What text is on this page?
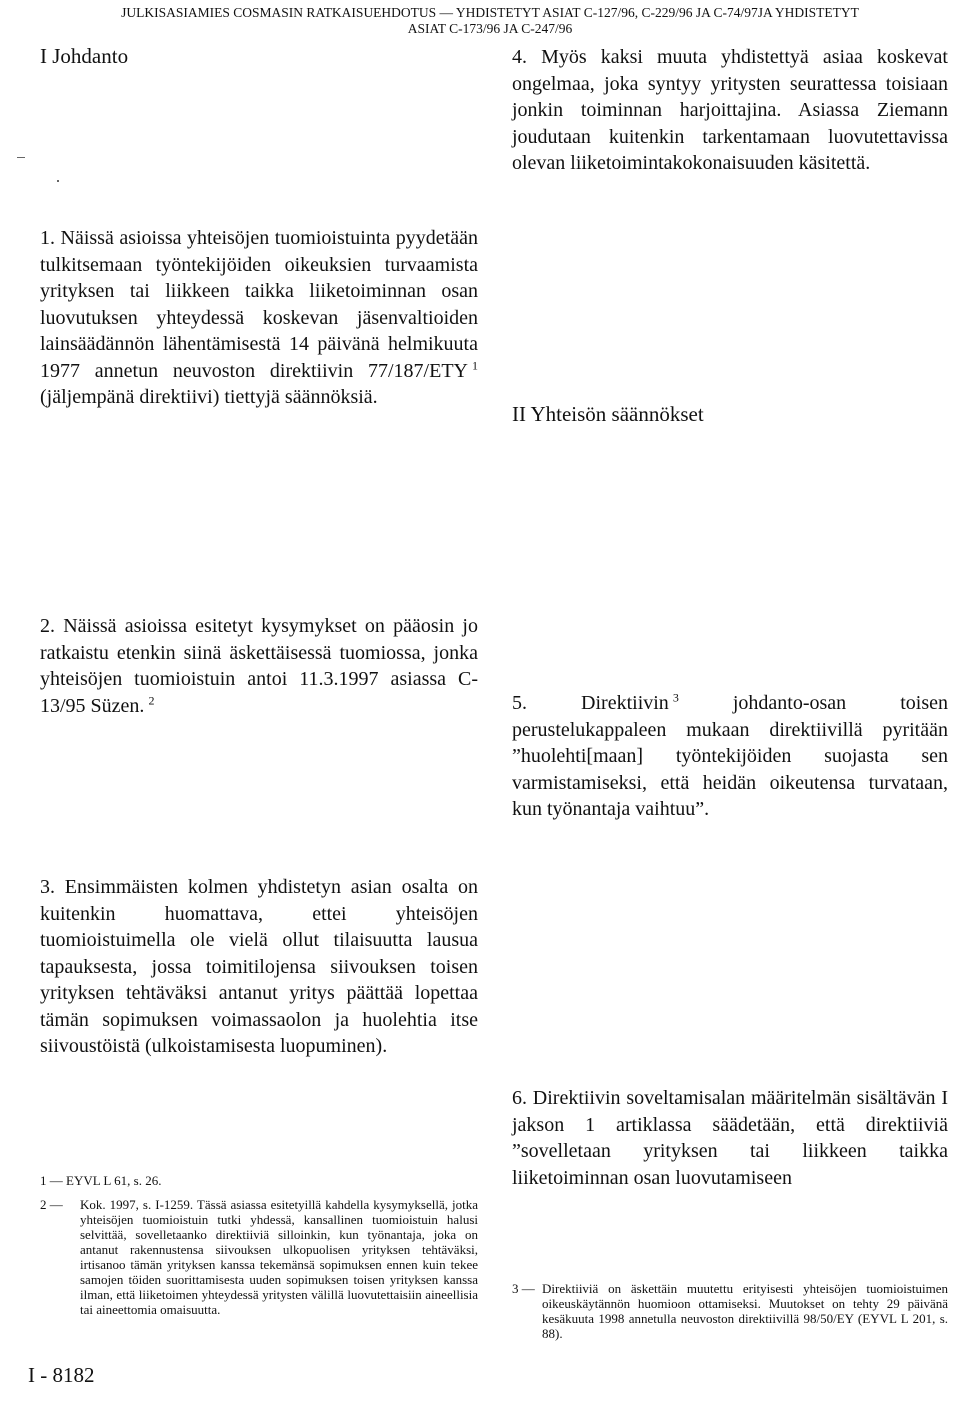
JULKISASIAMIES COSMASIN RATKAISUEHDOTUS — YHDISTETYT ASIAT C-127/96, C-229/96 JA C-74/97JA YHDISTETYT
ASIAT C-173/96 JA C-247/96
I Johdanto
1. Näissä asioissa yhteisöjen tuomioistuinta pyydetään tulkitsemaan työntekijöiden oikeuksien turvaamista yrityksen tai liikkeen taikka liiketoiminnan osan luovutuksen yhteydessä koskevan jäsenvaltioiden lainsäädännön lähentämisestä 14 päivänä helmikuuta 1977 annetun neuvoston direktiivin 77/187/ETY  $^1$ (jäljempänä direktiivi) tiettyjä säännöksiä.
2. Näissä asioissa esitetyt kysymykset on pääosin jo ratkaistu etenkin siinä äskettäisessä tuomiossa, jonka yhteisöjen tuomioistuin antoi 11.3.1997 asiassa C-13/95 Süzen.  $^2$
3. Ensimmäisten kolmen yhdistetyn asian osalta on kuitenkin huomattava, ettei yhteisöjen tuomioistuimella ole vielä ollut tilaisuutta lausua tapauksesta, jossa toimitilojensa siivouksen toisen yrityksen tehtäväksi antanut yritys päättää lopettaa tämän sopimuksen voimassaolon ja huolehtia itse siivoustöistä (ulkoistamisesta luopuminen).
1 — EYVL L 61, s. 26.
2 — Kok. 1997, s. I-1259. Tässä asiassa esitetyillä kahdella kysymyksellä, jotka yhteisöjen tuomioistuin tutki yhdessä, kansallinen tuomioistuin halusi selvittää, sovelletaanko direktiiviä silloinkin, kun työnantaja, joka on antanut rakennustensa siivouksen ulkopuolisen yrityksen tehtäväksi, irtisanoo tämän yrityksen kanssa tekemänsä sopimuksen ennen kuin tekee samojen töiden suorittamisesta uuden sopimuksen toisen yrityksen kanssa ilman, että liiketoimen yhteydessä yritysten välillä luovutettaisiin aineellisia tai aineettomia omaisuutta.
I - 8182
4. Myös kaksi muuta yhdistettyä asiaa koskevat ongelmaa, joka syntyy yritysten seurattessa toisiaan jonkin toiminnan harjoittajina. Asiassa Ziemann joudutaan kuitenkin tarkentamaan luovutettavissa olevan liiketoimintakokonaisuuden käsitettä.
II Yhteisön säännökset
5. Direktiivin  $^3$ johdanto-osan toisen perustelukappaleen mukaan direktiivillä pyritään ”huolehti[maan] työntekijöiden suojasta sen varmistamiseksi, että heidän oikeutensa turvataan, kun työnantaja vaihtuu”.
6. Direktiivin soveltamisalan määritelmän sisältävän I jakson 1 artiklassa säädetään, että direktiiviä ”sovelletaan yrityksen tai liikkeen taikka liiketoiminnan osan luovutamiseen
3 — Direktiiviä on äskettäin muutettu erityisesti yhteisöjen tuomioistuimen oikeuskäytännön huomioon ottamiseksi. Muutokset on tehty 29 päivänä kesäkuuta 1998 annetulla neuvoston direktiivillä 98/50/EY (EYVL L 201, s. 88).
